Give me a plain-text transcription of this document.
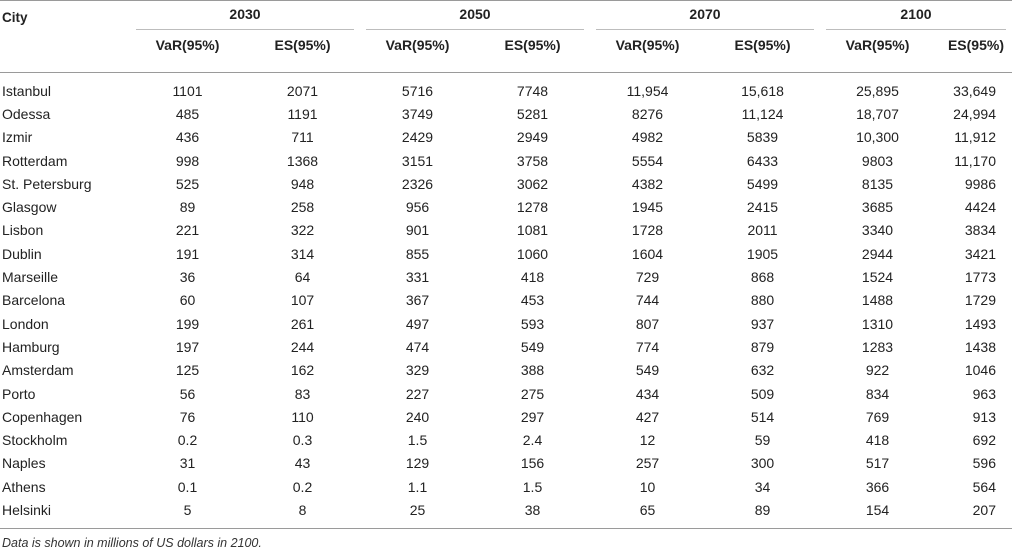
City	2030		2050		2070		2100	

	VaR(95%)	ES(95%)	VaR(95%)	ES(95%)	VaR(95%)	ES(95%)	VaR(95%)	ES(95%)
Istanbul	1101	2071	5716	7748	11,954	15,618	25,895	33,649
Odessa	485	1191	3749	5281	8276	11,124	18,707	24,994
Izmir	436	711	2429	2949	4982	5839	10,300	11,912
Rotterdam	998	1368	3151	3758	5554	6433	9803	11,170
St. Petersburg	525	948	2326	3062	4382	5499	8135	9986
Glasgow	89	258	956	1278	1945	2415	3685	4424
Lisbon	221	322	901	1081	1728	2011	3340	3834
Dublin	191	314	855	1060	1604	1905	2944	3421
Marseille	36	64	331	418	729	868	1524	1773
Barcelona	60	107	367	453	744	880	1488	1729
London	199	261	497	593	807	937	1310	1493
Hamburg	197	244	474	549	774	879	1283	1438
Amsterdam	125	162	329	388	549	632	922	1046
Porto	56	83	227	275	434	509	834	963
Copenhagen	76	110	240	297	427	514	769	913
Stockholm	0.2	0.3	1.5	2.4	12	59	418	692
Naples	31	43	129	156	257	300	517	596
Athens	0.1	0.2	1.1	1.5	10	34	366	564
Helsinki	5	8	25	38	65	89	154	207
Data is shown in millions of US dollars in 2100.
